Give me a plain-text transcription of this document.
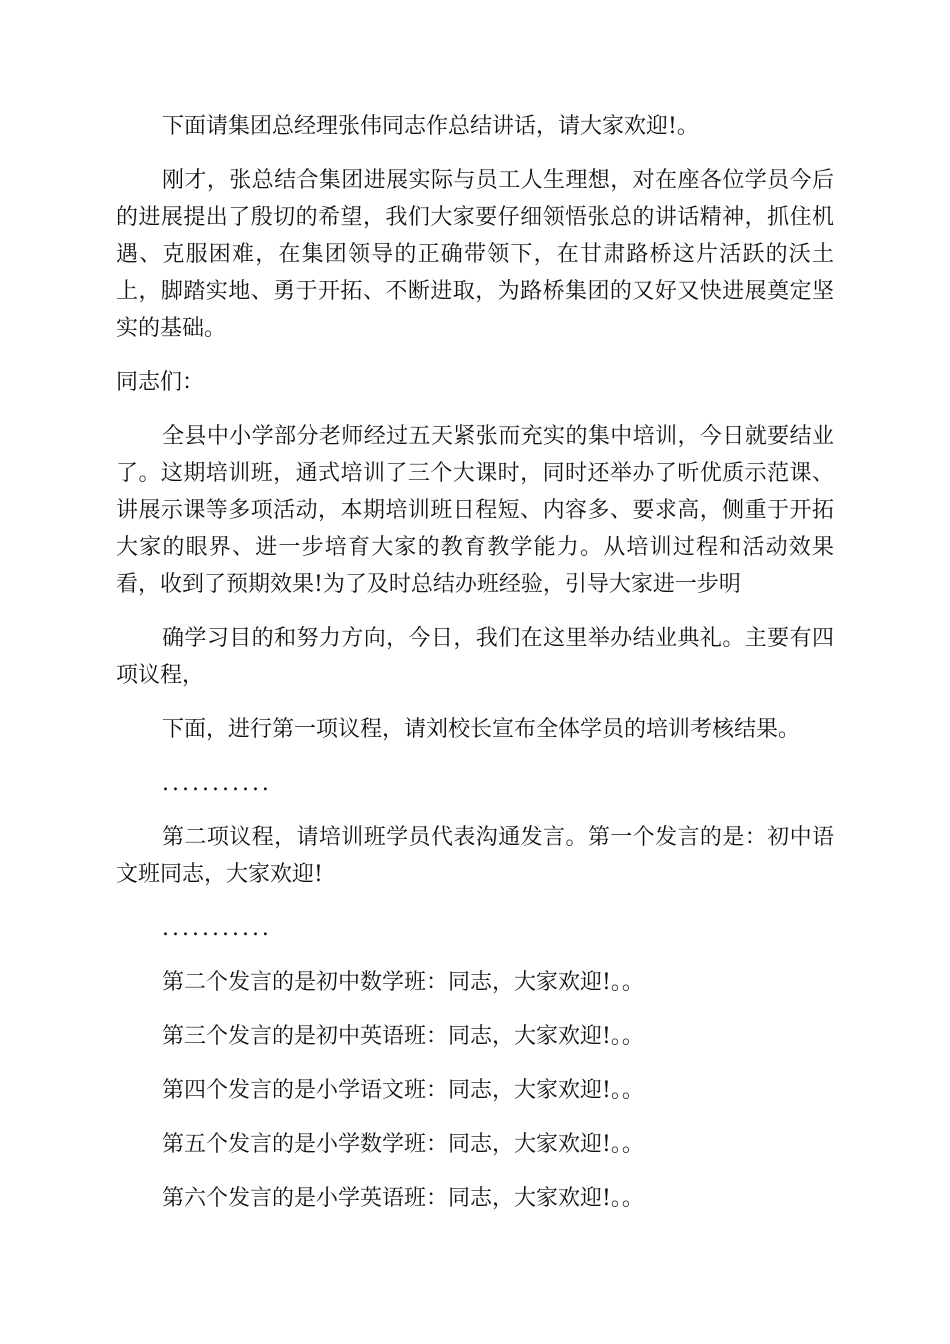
下面请集团总经理张伟同志作总结讲话，请大家欢迎!。

刚才，张总结合集团进展实际与员工人生理想，对在座各位学员今后的进展提出了殷切的希望，我们大家要仔细领悟张总的讲话精神，抓住机遇、克服困难，在集团领导的正确带领下，在甘肃路桥这片活跃的沃土上，脚踏实地、勇于开拓、不断进取，为路桥集团的又好又快进展奠定坚实的基础。

同志们：

全县中小学部分老师经过五天紧张而充实的集中培训，今日就要结业了。这期培训班，通式培训了三个大课时，同时还举办了听优质示范课、讲展示课等多项活动，本期培训班日程短、内容多、要求高，侧重于开拓大家的眼界、进一步培育大家的教育教学能力。从培训过程和活动效果看，收到了预期效果!为了及时总结办班经验，引导大家进一步明

确学习目的和努力方向，今日，我们在这里举办结业典礼。主要有四项议程，

下面，进行第一项议程，请刘校长宣布全体学员的培训考核结果。

...........

第二项议程，请培训班学员代表沟通发言。第一个发言的是：初中语文班同志，大家欢迎!

...........

第二个发言的是初中数学班：同志，大家欢迎!。。

第三个发言的是初中英语班：同志，大家欢迎!。。

第四个发言的是小学语文班：同志，大家欢迎!。。

第五个发言的是小学数学班：同志，大家欢迎!。。

第六个发言的是小学英语班：同志，大家欢迎!。。
